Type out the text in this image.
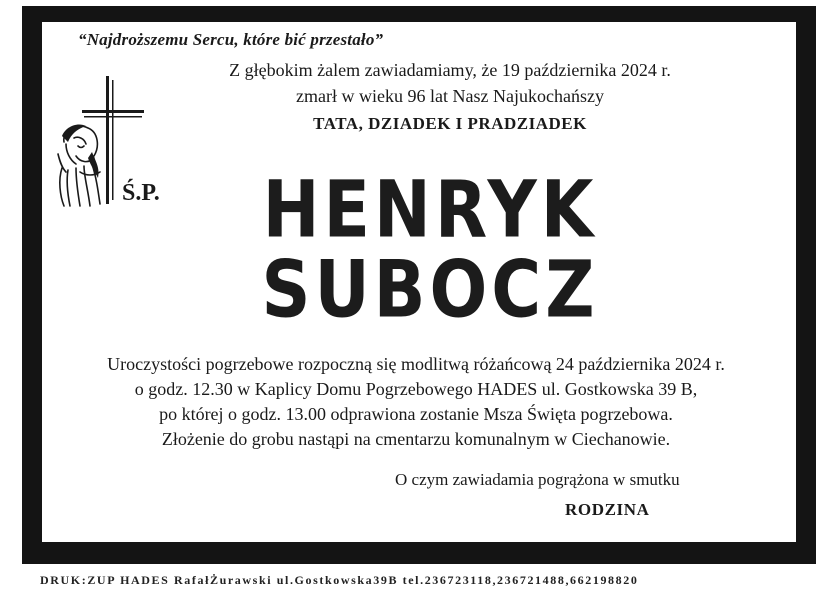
“Najdroższemu Sercu, które bić przestało”
Z głębokim żalem zawiadamiamy, że 19 października 2024 r.
zmarł w wieku 96 lat Nasz Najukochańszy
TATA, DZIADEK I PRADZIADEK
Ś.P.	HENRYK
SUBOCZ
Uroczystości pogrzebowe rozpoczną się modlitwą różańcową 24 października 2024 r.
o godz. 12.30 w Kaplicy Domu Pogrzebowego HADES ul. Gostkowska 39 B,
po której o godz. 13.00 odprawiona zostanie Msza Święta pogrzebowa.
Złożenie do grobu nastąpi na cmentarzu komunalnym w Ciechanowie.
O czym zawiadamia pogrążona w smutku
RODZINA
DRUK:ZUP HADES RafałŻurawski ul.Gostkowska39B tel.236723118,236721488,662198820
